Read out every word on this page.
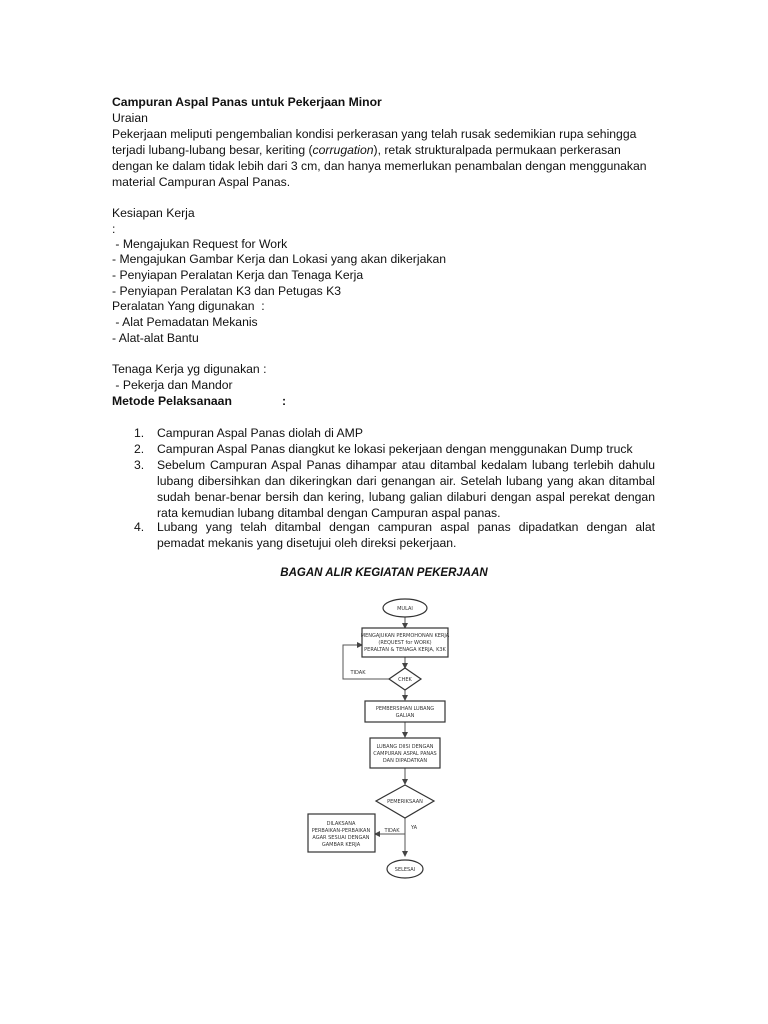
Campuran Aspal Panas untuk Pekerjaan Minor
Uraian
Pekerjaan meliputi pengembalian kondisi perkerasan yang telah rusak sedemikian rupa sehingga terjadi lubang-lubang besar, keriting (corrugation), retak strukturalpada permukaan perkerasan dengan ke dalam tidak lebih dari 3 cm, dan hanya memerlukan penambalan dengan menggunakan material Campuran Aspal Panas.
Kesiapan Kerja
:
- Mengajukan Request for Work
- Mengajukan Gambar Kerja dan Lokasi yang akan dikerjakan
- Penyiapan Peralatan Kerja dan Tenaga Kerja
- Penyiapan Peralatan K3 dan Petugas K3
Peralatan Yang digunakan  :
- Alat Pemadatan Mekanis
- Alat-alat Bantu
Tenaga Kerja yg digunakan :
- Pekerja dan Mandor
Metode Pelaksanaan	:
1. Campuran Aspal Panas diolah di AMP
2. Campuran Aspal Panas diangkut ke lokasi pekerjaan dengan menggunakan Dump truck
3. Sebelum Campuran Aspal Panas dihampar atau ditambal kedalam lubang terlebih dahulu lubang dibersihkan dan dikeringkan dari genangan air. Setelah lubang yang akan ditambal sudah benar-benar bersih dan kering, lubang galian dilaburi dengan aspal perekat dengan rata kemudian lubang ditambal dengan Campuran aspal panas.
4. Lubang yang telah ditambal dengan campuran aspal panas dipadatkan dengan alat pemadat mekanis yang disetujui oleh direksi pekerjaan.
BAGAN ALIR KEGIATAN PEKERJAAN
MULAI
MENGAJUKAN PERMOHONAN KERJA
(REQUEST for WORK)
PERALTAN & TENAGA KERJA, K3K
CHEK
TIDAK
PEMBERSIHAN LUBANG
GALIAN
LUBANG DIISI DENGAN
CAMPURAN ASPAL PANAS
DAN DIPADATKAN
PEMERIKSAAN
YA
TIDAK
DILAKSANA
PERBAIKAN-PERBAIKAN
AGAR SESUAI DENGAN
GAMBAR KERJA
SELESAI
